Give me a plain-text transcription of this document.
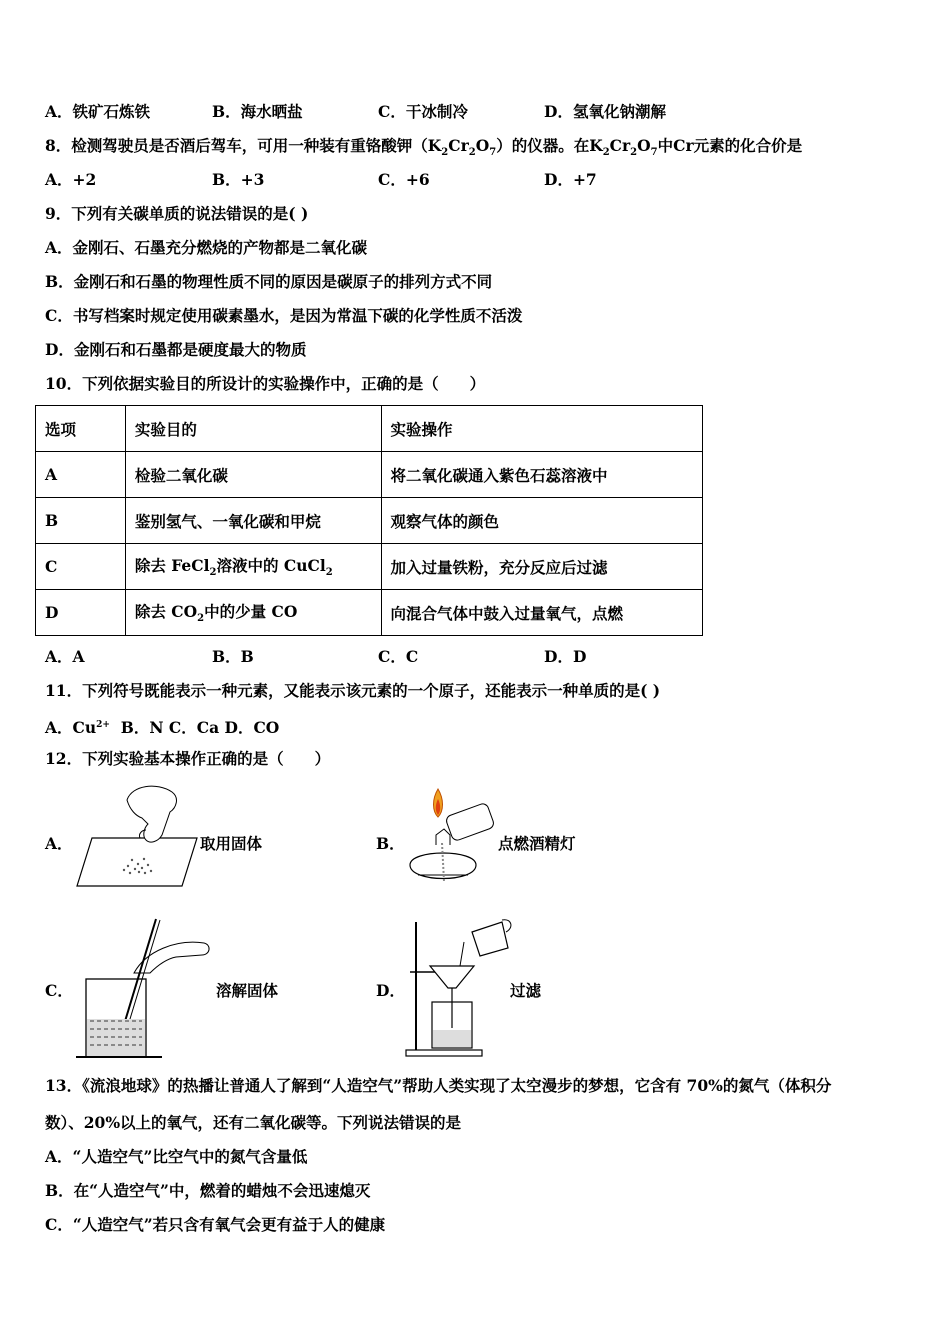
A．铁矿石炼铁	B．海水晒盐	C．干冰制冷	D．氢氧化钠潮解
8．检测驾驶员是否酒后驾车，可用一种装有重铬酸钾$(K_2Cr_2O_7)$的仪器。在$K_2Cr_2O_7$中Cr元素的化合价是
A．+2	B．+3	C．+6	D．+7
9．下列有关碳单质的说法错误的是( )
A．金刚石、石墨充分燃烧的产物都是二氧化碳
B．金刚石和石墨的物理性质不同的原因是碳原子的排列方式不同
C．书写档案时规定使用碳素墨水，是因为常温下碳的化学性质不活泼
D．金刚石和石墨都是硬度最大的物质
10．下列依据实验目的所设计的实验操作中，正确的是（　　）
选项	实验目的	实验操作
A	检验二氧化碳	将二氧化碳通入紫色石蕊溶液中
B	鉴别氢气、一氧化碳和甲烷	观察气体的颜色
C	除去 FeCl$_2$溶液中的 CuCl$_2$	加入过量铁粉，充分反应后过滤
D	除去 $CO_2$中的少量 CO	向混合气体中鼓入过量氧气，点燃
A．A	B．B	C．C	D．D
11．下列符号既能表示一种元素，又能表示该元素的一个原子，还能表示一种单质的是( )
A．$Cu^{2+}$ B．N C．Ca D．CO
12．下列实验基本操作正确的是（　　）
A．	取用固体	B．	点燃酒精灯
C．	溶解固体	D．	过滤
13．《流浪地球》的热播让普通人了解到“人造空气”帮助人类实现了太空漫步的梦想，它含有 70%的氮气（体积分
数）、20%以上的氧气，还有二氧化碳等。下列说法错误的是
A．“人造空气”比空气中的氮气含量低
B．在“人造空气”中，燃着的蜡烛不会迅速熄灭
C．“人造空气”若只含有氧气会更有益于人的健康
